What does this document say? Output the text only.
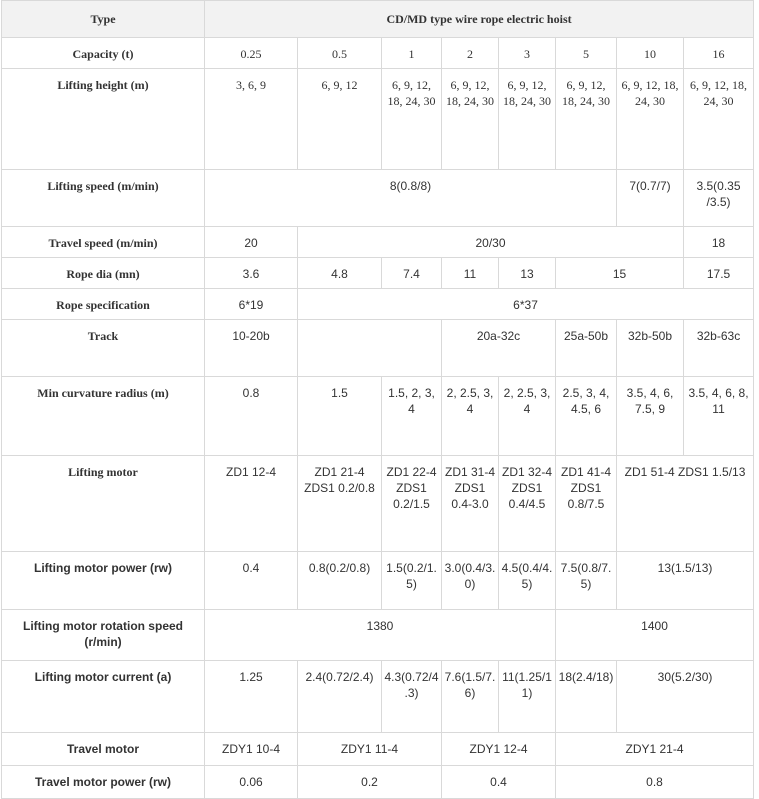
Type	CD/MD type wire rope electric hoist							
Capacity (t)	0.25	0.5	1	2	3	5	10	16
Lifting height (m)	3, 6, 9	6, 9, 12	6, 9, 12, 18, 24, 30	6, 9, 12, 18, 24, 30	6, 9, 12, 18, 24, 30	6, 9, 12, 18, 24, 30	6, 9, 12, 18, 24, 30	6, 9, 12, 18, 24, 30
Lifting speed (m/min)	8(0.8/8)						7(0.7/7)	3.5(0.35 /3.5)
Travel speed (m/min)	20	20/30						18
Rope dia (mn)	3.6	4.8	7.4	11	13	15		17.5
Rope specification	6*19	6*37						
Track	10-20b			20a-32c		25a-50b	32b-50b	32b-63c
Min curvature radius (m)	0.8	1.5	1.5, 2, 3, 4	2, 2.5, 3, 4	2, 2.5, 3, 4	2.5, 3, 4, 4.5, 6	3.5, 4, 6, 7.5, 9	3.5, 4, 6, 8, 11
Lifting motor	ZD1 12-4	ZD1 21-4 ZDS1 0.2/0.8	ZD1 22-4 ZDS1 0.2/1.5	ZD1 31-4 ZDS1 0.4-3.0	ZD1 32-4 ZDS1 0.4/4.5	ZD1 41-4 ZDS1 0.8/7.5	ZD1 51-4 ZDS1 1.5/13	
Lifting motor power (rw)	0.4	0.8(0.2/0.8)	1.5(0.2/1.5)	3.0(0.4/3.0)	4.5(0.4/4.5)	7.5(0.8/7.5)	13(1.5/13)	
Lifting motor rotation speed (r/min)	1380					1400		
Lifting motor current (a)	1.25	2.4(0.72/2.4)	4.3(0.72/4.3)	7.6(1.5/7.6)	11(1.25/11)	18(2.4/18)	30(5.2/30)	
Travel motor	ZDY1 10-4	ZDY1 11-4		ZDY1 12-4		ZDY1 21-4		
Travel motor power (rw)	0.06	0.2		0.4		0.8		
